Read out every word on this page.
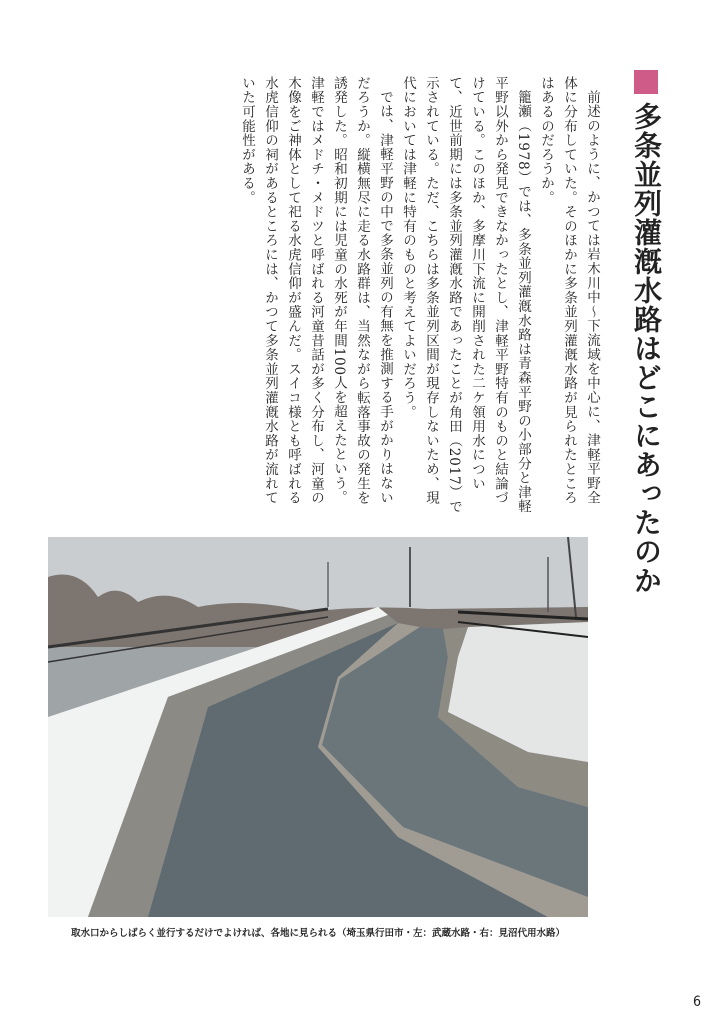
多条並列灌漑水路はどこにあったのか

前述のように、かつては岩木川中～下流域を中心に、津軽平野全体に分布していた。そのほかに多条並列灌漑水路が見られたところはあるのだろうか。

籠瀬（1978）では、多条並列灌漑水路は青森平野の小部分と津軽平野以外から発見できなかったとし、津軽平野特有のものと結論づけている。このほか、多摩川下流に開削された二ケ領用水について、近世前期には多条並列灌漑水路であったことが角田（2017）で示されている。ただ、こちらは多条並列区間が現存しないため、現代においては津軽に特有のものと考えてよいだろう。

では、津軽平野の中で多条並列の有無を推測する手がかりはないだろうか。縦横無尽に走る水路群は、当然ながら転落事故の発生を誘発した。昭和初期には児童の水死が年間100人を超えたという。津軽ではメドチ・メドツと呼ばれる河童昔話が多く分布し、河童の木像をご神体として祀る水虎信仰が盛んだ。スイコ様とも呼ばれる水虎信仰の祠があるところには、かつて多条並列灌漑水路が流れていた可能性がある。

取水口からしばらく並行するだけでよければ、各地に見られる（埼玉県行田市・左：武蔵水路・右：見沼代用水路）

6
